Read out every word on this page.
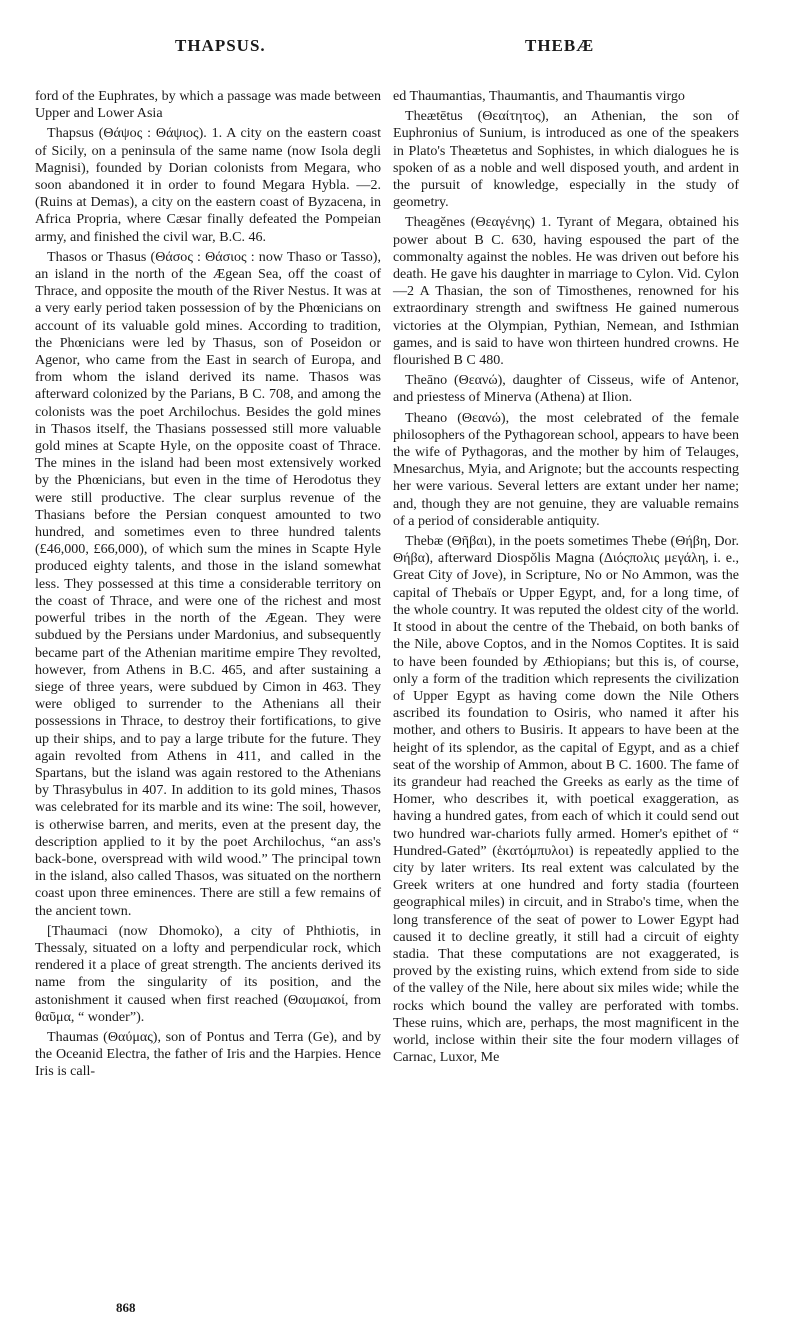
THAPSUS.	THEBÆ

ford of the Euphrates, by which a passage was made between Upper and Lower Asia

Thapsus (Θάψος : Θάψιος). 1. A city on the eastern coast of Sicily, on a peninsula of the same name (now Isola degli Magnisi), founded by Dorian colonists from Megara, who soon abandoned it in order to found Megara Hybla. —2. (Ruins at Demas), a city on the eastern coast of Byzacena, in Africa Propria, where Cæsar finally defeated the Pompeian army, and finished the civil war, B.C. 46.

Thasos or Thasus (Θάσος : Θάσιος : now Thaso or Tasso), an island in the north of the Ægean Sea, off the coast of Thrace, and opposite the mouth of the River Nestus. It was at a very early period taken possession of by the Phœnicians on account of its valuable gold mines. According to tradition, the Phœnicians were led by Thasus, son of Poseidon or Agenor, who came from the East in search of Europa, and from whom the island derived its name. Thasos was afterward colonized by the Parians, B C. 708, and among the colonists was the poet Archilochus. Besides the gold mines in Thasos itself, the Thasians possessed still more valuable gold mines at Scapte Hyle, on the opposite coast of Thrace. The mines in the island had been most extensively worked by the Phœnicians, but even in the time of Herodotus they were still productive. The clear surplus revenue of the Thasians before the Persian conquest amounted to two hundred, and sometimes even to three hundred talents (£46,000, £66,000), of which sum the mines in Scapte Hyle produced eighty talents, and those in the island somewhat less. They possessed at this time a considerable territory on the coast of Thrace, and were one of the richest and most powerful tribes in the north of the Ægean. They were subdued by the Persians under Mardonius, and subsequently became part of the Athenian maritime empire They revolted, however, from Athens in B.C. 465, and after sustaining a siege of three years, were subdued by Cimon in 463. They were obliged to surrender to the Athenians all their possessions in Thrace, to destroy their fortifications, to give up their ships, and to pay a large tribute for the future. They again revolted from Athens in 411, and called in the Spartans, but the island was again restored to the Athenians by Thrasybulus in 407. In addition to its gold mines, Thasos was celebrated for its marble and its wine: The soil, however, is otherwise barren, and merits, even at the present day, the description applied to it by the poet Archilochus, “an ass's back-bone, overspread with wild wood.” The principal town in the island, also called Thasos, was situated on the northern coast upon three eminences. There are still a few remains of the ancient town.

[Thaumaci (now Dhomoko), a city of Phthiotis, in Thessaly, situated on a lofty and perpendicular rock, which rendered it a place of great strength. The ancients derived its name from the singularity of its position, and the astonishment it caused when first reached (Θαυμακοί, from θαῦμα, “ wonder”).

Thaumas (Θαύμας), son of Pontus and Terra (Ge), and by the Oceanid Electra, the father of Iris and the Harpies. Hence Iris is call-

ed Thaumantias, Thaumantis, and Thaumantis virgo

Theætētus (Θεαίτητος), an Athenian, the son of Euphronius of Sunium, is introduced as one of the speakers in Plato's Theætetus and Sophistes, in which dialogues he is spoken of as a noble and well disposed youth, and ardent in the pursuit of knowledge, especially in the study of geometry.

Theagĕnes (Θεαγένης) 1. Tyrant of Megara, obtained his power about B C. 630, having espoused the part of the commonalty against the nobles. He was driven out before his death. He gave his daughter in marriage to Cylon. Vid. Cylon —2 A Thasian, the son of Timosthenes, renowned for his extraordinary strength and swiftness He gained numerous victories at the Olympian, Pythian, Nemean, and Isthmian games, and is said to have won thirteen hundred crowns. He flourished B C 480.

Theāno (Θεανώ), daughter of Cisseus, wife of Antenor, and priestess of Minerva (Athena) at Ilion.

Theano (Θεανώ), the most celebrated of the female philosophers of the Pythagorean school, appears to have been the wife of Pythagoras, and the mother by him of Telauges, Mnesarchus, Myia, and Arignote; but the accounts respecting her were various. Several letters are extant under her name; and, though they are not genuine, they are valuable remains of a period of considerable antiquity.

Thebæ (Θῆβαι), in the poets sometimes Thebe (Θήβη, Dor. Θήβα), afterward Diospŏlis Magna (Διόςπολις μεγάλη, i. e., Great City of Jove), in Scripture, No or No Ammon, was the capital of Thebaïs or Upper Egypt, and, for a long time, of the whole country. It was reputed the oldest city of the world. It stood in about the centre of the Thebaid, on both banks of the Nile, above Coptos, and in the Nomos Coptites. It is said to have been founded by Æthiopians; but this is, of course, only a form of the tradition which represents the civilization of Upper Egypt as having come down the Nile Others ascribed its foundation to Osiris, who named it after his mother, and others to Busiris. It appears to have been at the height of its splendor, as the capital of Egypt, and as a chief seat of the worship of Ammon, about B C. 1600. The fame of its grandeur had reached the Greeks as early as the time of Homer, who describes it, with poetical exaggeration, as having a hundred gates, from each of which it could send out two hundred war-chariots fully armed. Homer's epithet of “ Hundred-Gated” (ἑκατόμπυλοι) is repeatedly applied to the city by later writers. Its real extent was calculated by the Greek writers at one hundred and forty stadia (fourteen geographical miles) in circuit, and in Strabo's time, when the long transference of the seat of power to Lower Egypt had caused it to decline greatly, it still had a circuit of eighty stadia. That these computations are not exaggerated, is proved by the existing ruins, which extend from side to side of the valley of the Nile, here about six miles wide; while the rocks which bound the valley are perforated with tombs. These ruins, which are, perhaps, the most magnificent in the world, inclose within their site the four modern villages of Carnac, Luxor, Me

868
